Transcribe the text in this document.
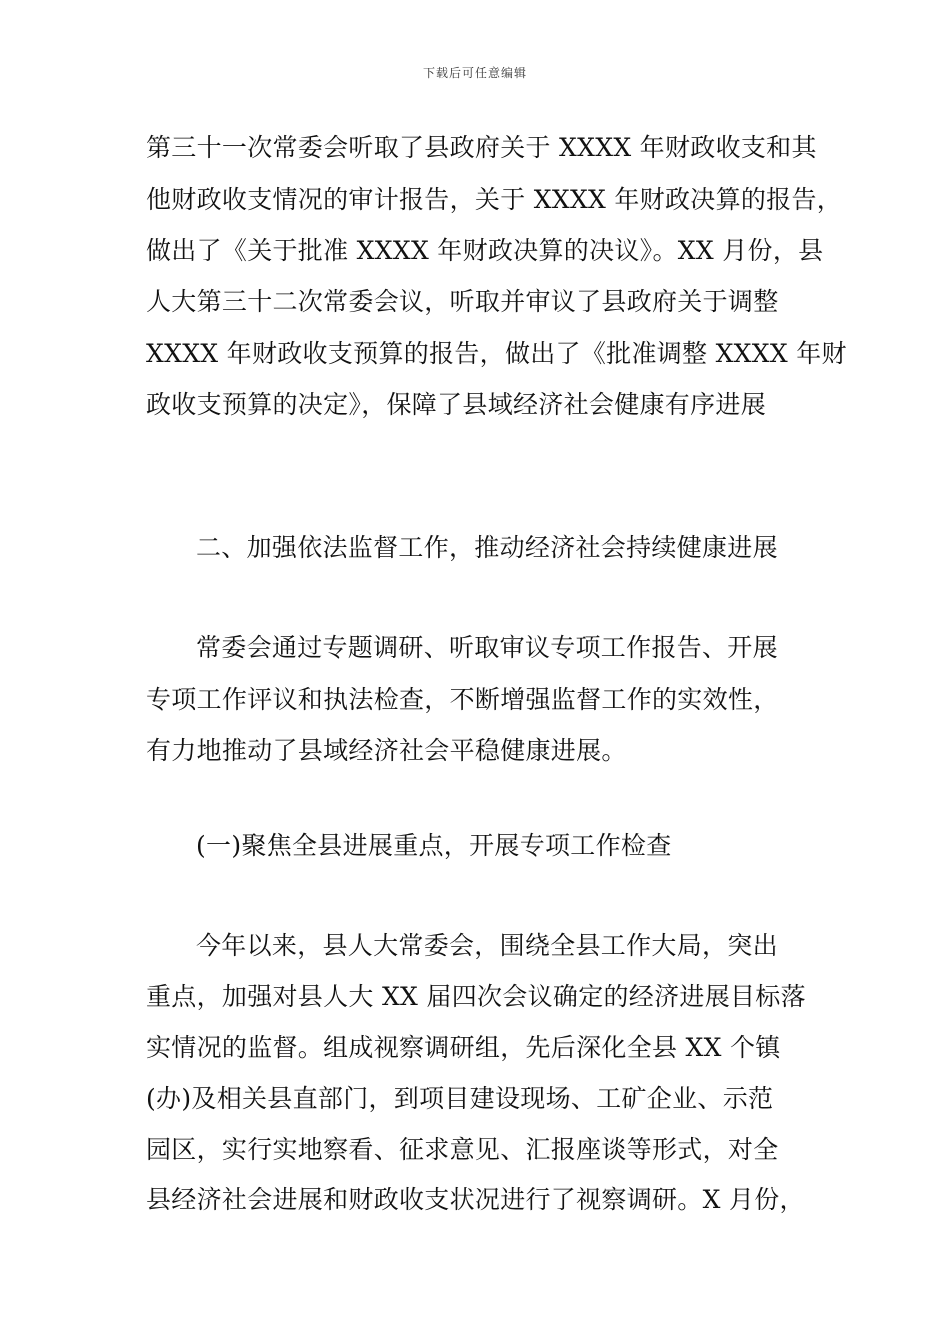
下载后可任意编辑
第三十一次常委会听取了县政府关于 XXXX 年财政收支和其
他财政收支情况的审计报告，关于 XXXX 年财政决算的报告，
做出了《关于批准 XXXX 年财政决算的决议》。XX 月份，县
人大第三十二次常委会议，听取并审议了县政府关于调整
XXXX 年财政收支预算的报告，做出了《批准调整 XXXX 年财
政收支预算的决定》，保障了县域经济社会健康有序进展
二、加强依法监督工作，推动经济社会持续健康进展
常委会通过专题调研、听取审议专项工作报告、开展
专项工作评议和执法检查，不断增强监督工作的实效性，
有力地推动了县域经济社会平稳健康进展。
(一)聚焦全县进展重点，开展专项工作检查
今年以来，县人大常委会，围绕全县工作大局，突出
重点，加强对县人大 XX 届四次会议确定的经济进展目标落
实情况的监督。组成视察调研组，先后深化全县 XX 个镇
(办)及相关县直部门，到项目建设现场、工矿企业、示范
园区，实行实地察看、征求意见、汇报座谈等形式，对全
县经济社会进展和财政收支状况进行了视察调研。X 月份，
